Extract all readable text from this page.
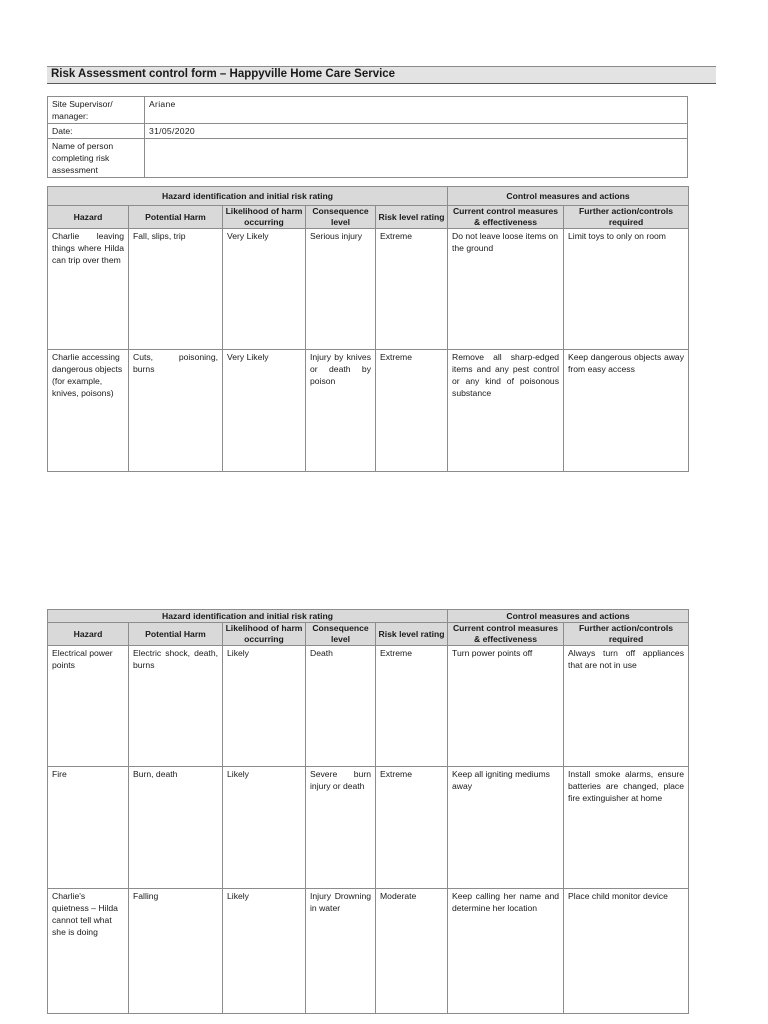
Risk Assessment control form – Happyville Home Care Service
Site Supervisor/ manager:	Ariane
Date:	31/05/2020
Name of person completing risk assessment	
Hazard identification and initial risk rating					Control measures and actions	
Hazard	Potential Harm	Likelihood of harm occurring	Consequence level	Risk level rating	Current control measures & effectiveness	Further action/controls required
Charlie leaving things where Hilda can trip over them	Fall, slips, trip	Very Likely	Serious injury	Extreme	Do not leave loose items on the ground	Limit toys to only on room
Charlie accessing dangerous objects (for example, knives, poisons)	Cuts, poisoning, burns	Very Likely	Injury by knives or death by poison	Extreme	Remove all sharp-edged items and any pest control or any kind of poisonous substance	Keep dangerous objects away from easy access
Hazard identification and initial risk rating					Control measures and actions	
Hazard	Potential Harm	Likelihood of harm occurring	Consequence level	Risk level rating	Current control measures & effectiveness	Further action/controls required
Electrical power points	Electric shock, death, burns	Likely	Death	Extreme	Turn power points off	Always turn off appliances that are not in use
Fire	Burn, death	Likely	Severe burn injury or death	Extreme	Keep all igniting mediums away	Install smoke alarms, ensure batteries are changed, place fire extinguisher at home
Charlie's quietness – Hilda cannot tell what she is doing	Falling	Likely	Injury Drowning in water	Moderate	Keep calling her name and determine her location	Place child monitor device
